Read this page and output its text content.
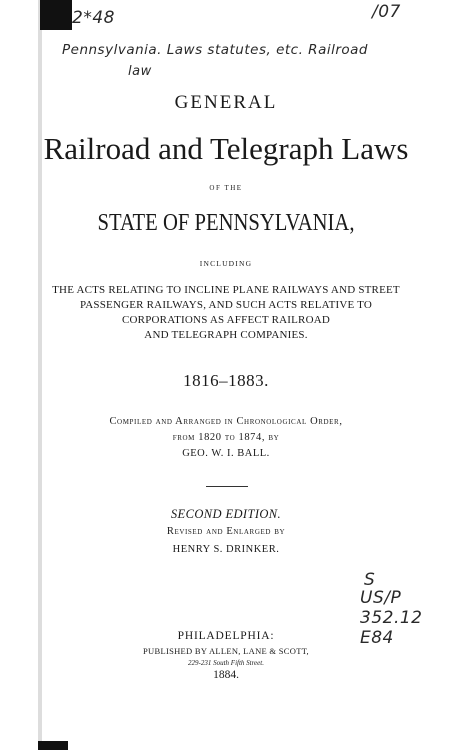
2*48	/07
Pennsylvania. Laws statutes, etc. Railroad
law
S
US/P
352.12
E84
GENERAL
Railroad and Telegraph Laws
OF THE
STATE OF PENNSYLVANIA,
INCLUDING
THE ACTS RELATING TO INCLINE PLANE RAILWAYS AND STREET
PASSENGER RAILWAYS, AND SUCH ACTS RELATIVE TO
CORPORATIONS AS AFFECT RAILROAD
AND TELEGRAPH COMPANIES.
1816–1883.
Compiled and Arranged in Chronological Order,
from 1820 to 1874, by
GEO. W. I. BALL.
SECOND EDITION.
Revised and Enlarged by
HENRY S. DRINKER.
PHILADELPHIA:
PUBLISHED BY ALLEN, LANE & SCOTT,
229-231 South Fifth Street.
1884.
